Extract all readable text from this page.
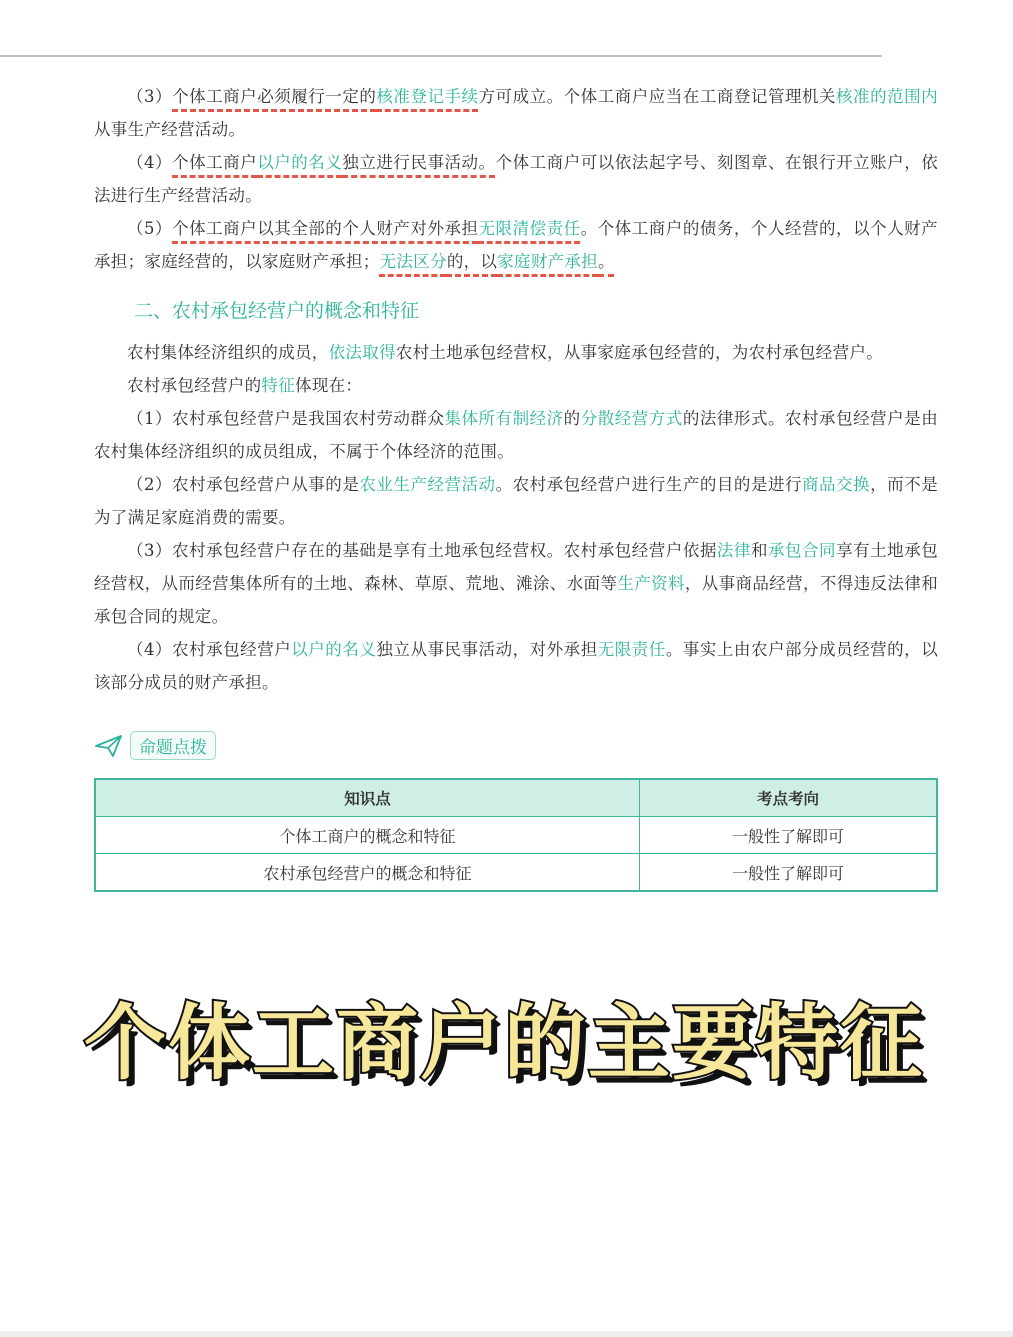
（3）个体工商户必须履行一定的核准登记手续方可成立。个体工商户应当在工商登记管理机关核准的范围内从事生产经营活动。

（4）个体工商户以户的名义独立进行民事活动。个体工商户可以依法起字号、刻图章、在银行开立账户，依法进行生产经营活动。

（5）个体工商户以其全部的个人财产对外承担无限清偿责任。个体工商户的债务，个人经营的，以个人财产承担；家庭经营的，以家庭财产承担；无法区分的，以家庭财产承担。

二、农村承包经营户的概念和特征

农村集体经济组织的成员，依法取得农村土地承包经营权，从事家庭承包经营的，为农村承包经营户。

农村承包经营户的特征体现在：

（1）农村承包经营户是我国农村劳动群众集体所有制经济的分散经营方式的法律形式。农村承包经营户是由农村集体经济组织的成员组成，不属于个体经济的范围。

（2）农村承包经营户从事的是农业生产经营活动。农村承包经营户进行生产的目的是进行商品交换，而不是为了满足家庭消费的需要。

（3）农村承包经营户存在的基础是享有土地承包经营权。农村承包经营户依据法律和承包合同享有土地承包经营权，从而经营集体所有的土地、森林、草原、荒地、滩涂、水面等生产资料，从事商品经营，不得违反法律和承包合同的规定。

（4）农村承包经营户以户的名义独立从事民事活动，对外承担无限责任。事实上由农户部分成员经营的，以该部分成员的财产承担。

命题点拨
知识点	考点考向
个体工商户的概念和特征	一般性了解即可
农村承包经营户的概念和特征	一般性了解即可
个体工商户的主要特征
